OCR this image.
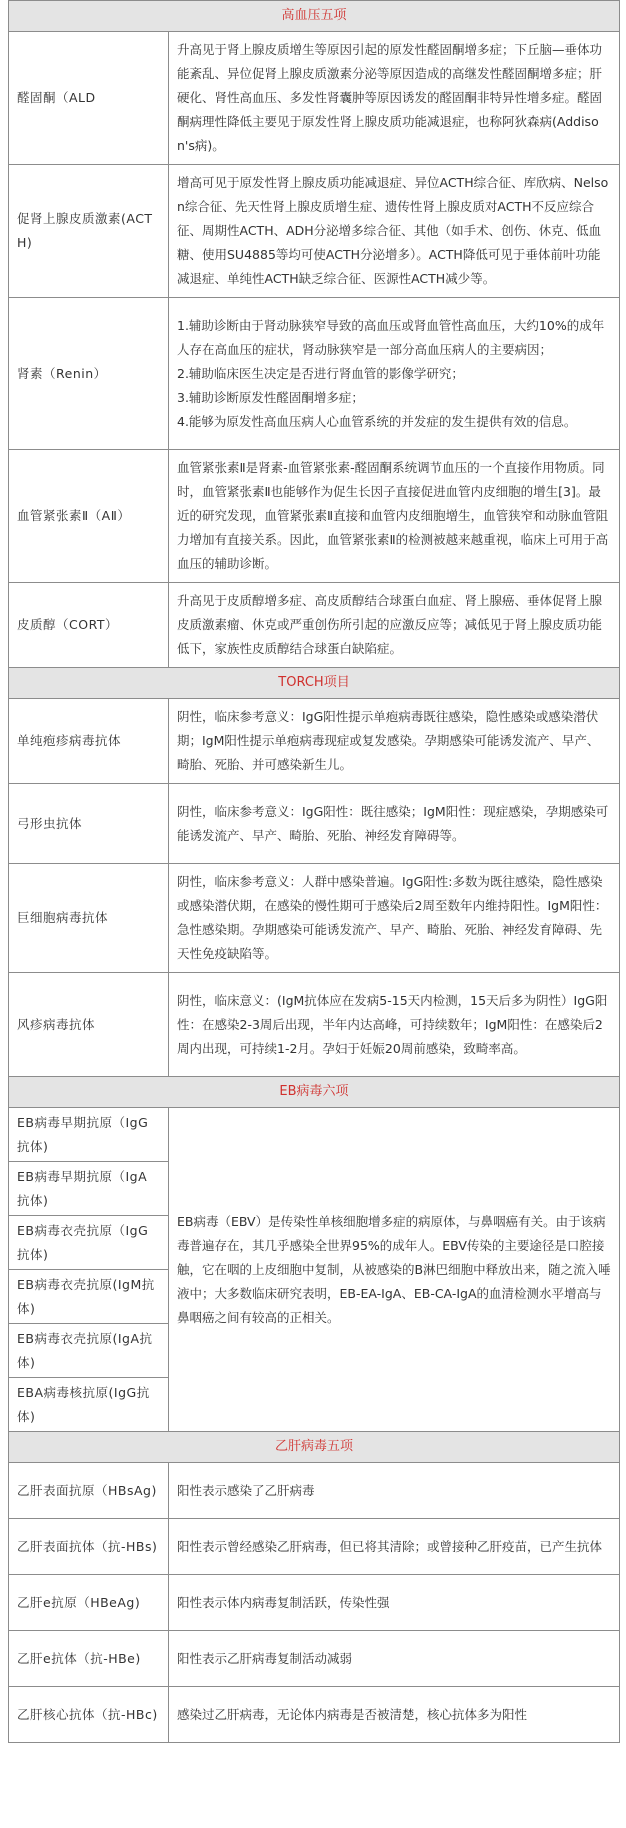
高血压五项	
醛固酮（ALD	升高见于肾上腺皮质增生等原因引起的原发性醛固酮增多症；下丘脑—垂体功能紊乱、异位促肾上腺皮质激素分泌等原因造成的高继发性醛固酮增多症；肝硬化、肾性高血压、多发性肾囊肿等原因诱发的醛固酮非特异性增多症。醛固酮病理性降低主要见于原发性肾上腺皮质功能减退症，也称阿狄森病(Addison's病)。
促肾上腺皮质激素(ACTH)	增高可见于原发性肾上腺皮质功能减退症、异位ACTH综合征、库欣病、Nelson综合征、先天性肾上腺皮质增生症、遗传性肾上腺皮质对ACTH不反应综合征、周期性ACTH、ADH分泌增多综合征、其他（如手术、创伤、休克、低血糖、使用SU4885等均可使ACTH分泌增多）。ACTH降低可见于垂体前叶功能减退症、单纯性ACTH缺乏综合征、医源性ACTH减少等。
肾素（Renin）	1.辅助诊断由于肾动脉狭窄导致的高血压或肾血管性高血压，大约10%的成年人存在高血压的症状，肾动脉狭窄是一部分高血压病人的主要病因；
2.辅助临床医生决定是否进行肾血管的影像学研究；
3.辅助诊断原发性醛固酮增多症；
4.能够为原发性高血压病人心血管系统的并发症的发生提供有效的信息。
血管紧张素Ⅱ（AⅡ）	血管紧张素Ⅱ是肾素-血管紧张素-醛固酮系统调节血压的一个直接作用物质。同时，血管紧张素Ⅱ也能够作为促生长因子直接促进血管内皮细胞的增生[3]。最近的研究发现，血管紧张素Ⅱ直接和血管内皮细胞增生，血管狭窄和动脉血管阻力增加有直接关系。因此，血管紧张素Ⅱ的检测被越来越重视，临床上可用于高血压的辅助诊断。
皮质醇（CORT）	升高见于皮质醇增多症、高皮质醇结合球蛋白血症、肾上腺癌、垂体促肾上腺皮质激素瘤、休克或严重创伤所引起的应激反应等；减低见于肾上腺皮质功能低下，家族性皮质醇结合球蛋白缺陷症。
TORCH项目	
单纯疱疹病毒抗体	阴性，临床参考意义：IgG阳性提示单疱病毒既往感染，隐性感染或感染潜伏期；IgM阳性提示单疱病毒现症或复发感染。孕期感染可能诱发流产、早产、畸胎、死胎、并可感染新生儿。
弓形虫抗体	阴性，临床参考意义：IgG阳性：既往感染；IgM阳性：现症感染，孕期感染可能诱发流产、早产、畸胎、死胎、神经发育障碍等。
巨细胞病毒抗体	阴性，临床参考意义：人群中感染普遍。IgG阳性:多数为既往感染，隐性感染或感染潜伏期，在感染的慢性期可于感染后2周至数年内维持阳性。IgM阳性：急性感染期。孕期感染可能诱发流产、早产、畸胎、死胎、神经发育障碍、先天性免疫缺陷等。
风疹病毒抗体	阴性，临床意义：(IgM抗体应在发病5-15天内检测，15天后多为阴性）IgG阳性：在感染2-3周后出现，半年内达高峰，可持续数年；IgM阳性：在感染后2周内出现，可持续1-2月。孕妇于妊娠20周前感染，致畸率高。
EB病毒六项	
EB病毒早期抗原（IgG抗体)	EB病毒（EBV）是传染性单核细胞增多症的病原体，与鼻咽癌有关。由于该病毒普遍存在，其几乎感染全世界95%的成年人。EBV传染的主要途径是口腔接触，它在咽的上皮细胞中复制，从被感染的B淋巴细胞中释放出来，随之流入唾液中；大多数临床研究表明，EB-EA-IgA、EB-CA-IgA的血清检测水平增高与鼻咽癌之间有较高的正相关。
EB病毒早期抗原（IgA抗体)	
EB病毒衣壳抗原（IgG抗体)	
EB病毒衣壳抗原(IgM抗体)	
EB病毒衣壳抗原(IgA抗体)	
EBA病毒核抗原(IgG抗体)	
乙肝病毒五项	
乙肝表面抗原（HBsAg)	阳性表示感染了乙肝病毒
乙肝表面抗体（抗-HBs)	阳性表示曾经感染乙肝病毒，但已将其清除；或曾接种乙肝疫苗，已产生抗体
乙肝e抗原（HBeAg)	阳性表示体内病毒复制活跃，传染性强
乙肝e抗体（抗-HBe)	阳性表示乙肝病毒复制活动减弱
乙肝核心抗体（抗-HBc)	感染过乙肝病毒，无论体内病毒是否被清楚，核心抗体多为阳性
